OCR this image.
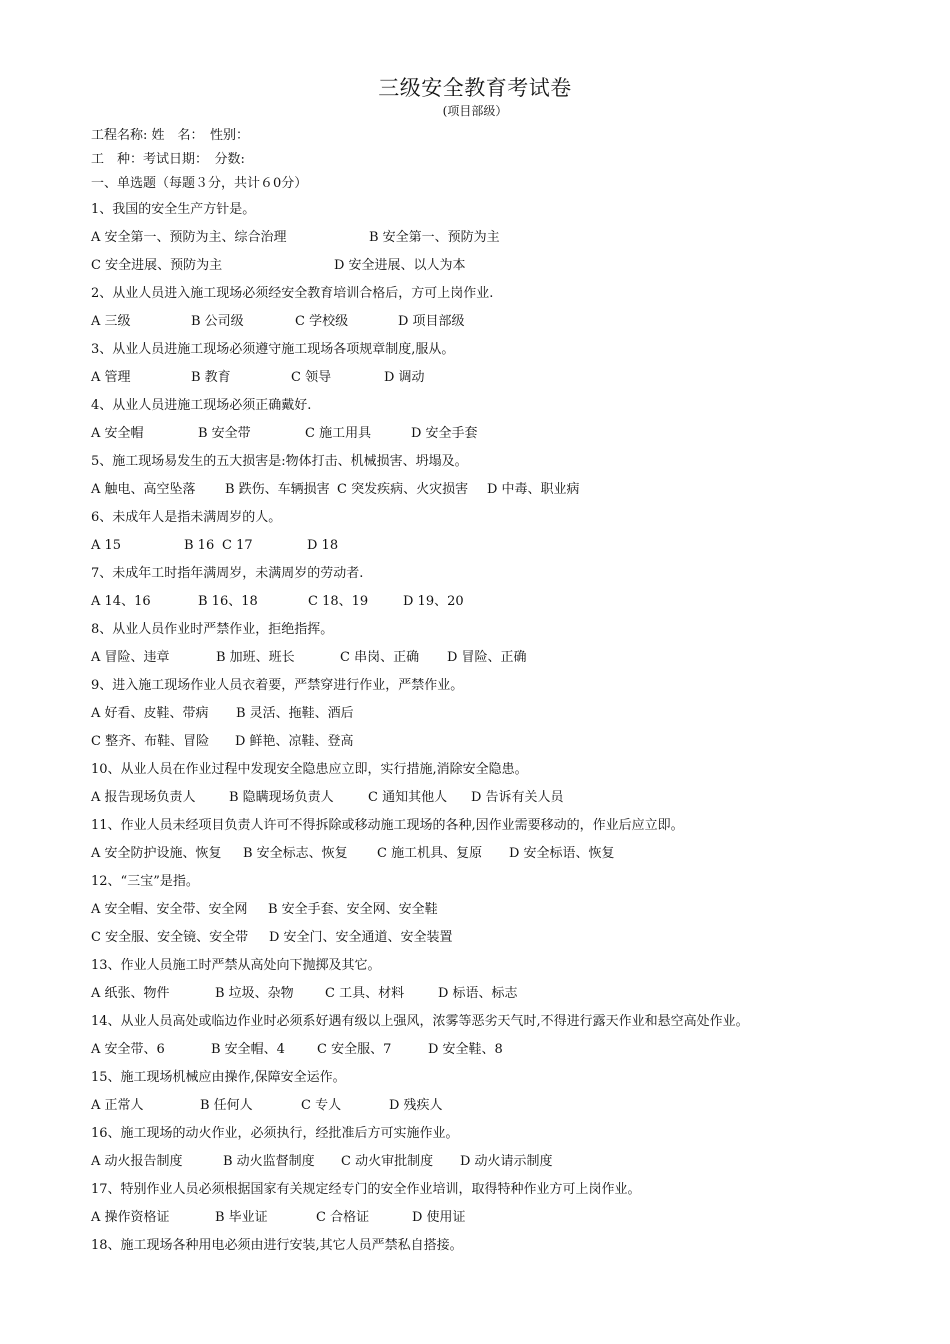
三级安全教育考试卷
(项目部级）
工程名称: 姓　名：　性别：
工　种：考试日期：　分数:
一、单选题（每题３分，共计６0分）
1、我国的安全生产方针是。
A 安全第一、预防为主、综合治理	B 安全第一、预防为主
C 安全进展、预防为主	D 安全进展、以人为本
2、从业人员进入施工现场必须经安全教育培训合格后，方可上岗作业.
A 三级	B 公司级	C 学校级	D 项目部级
3、从业人员进施工现场必须遵守施工现场各项规章制度,服从。
A 管理	B 教育	C 领导	D 调动
4、从业人员进施工现场必须正确戴好.
A 安全帽	B 安全带	C 施工用具	D 安全手套
5、施工现场易发生的五大损害是:物体打击、机械损害、坍塌及。
A 触电、高空坠落 B 跌伤、车辆损害 C 突发疾病、火灾损害 D 中毒、职业病
6、未成年人是指未满周岁的人。
A 15	B 16 C 17	D 18
7、未成年工时指年满周岁，未满周岁的劳动者.
A 14、16	B 16、18	C 18、19	D 19、20
8、从业人员作业时严禁作业，拒绝指挥。
A 冒险、违章	B 加班、班长	C 串岗、正确 D 冒险、正确
9、进入施工现场作业人员衣着要，严禁穿进行作业，严禁作业。
A 好看、皮鞋、带病 B 灵活、拖鞋、酒后
C 整齐、布鞋、冒险 D 鲜艳、凉鞋、登高
10、从业人员在作业过程中发现安全隐患应立即，实行措施,消除安全隐患。
A 报告现场负责人	B 隐瞒现场负责人	C 通知其他人 D 告诉有关人员
11、作业人员未经项目负责人许可不得拆除或移动施工现场的各种,因作业需要移动的，作业后应立即。
A 安全防护设施、恢复 B 安全标志、恢复 C 施工机具、复原 D 安全标语、恢复
12、“三宝”是指。
A 安全帽、安全带、安全网 B 安全手套、安全网、安全鞋
C 安全服、安全镜、安全带 D 安全门、安全通道、安全装置
13、作业人员施工时严禁从高处向下抛掷及其它。
A 纸张、物件	B 垃圾、杂物 C 工具、材料	D 标语、标志
14、从业人员高处或临边作业时必须系好遇有级以上强风，浓雾等恶劣天气时,不得进行露天作业和悬空高处作业。
A 安全带、6	B 安全帽、4 C 安全服、7	D 安全鞋、8
15、施工现场机械应由操作,保障安全运作。
A 正常人	B 任何人	C 专人	D 残疾人
16、施工现场的动火作业，必须执行，经批准后方可实施作业。
A 动火报告制度	B 动火监督制度 C 动火审批制度 D 动火请示制度
17、特别作业人员必须根据国家有关规定经专门的安全作业培训，取得特种作业方可上岗作业。
A 操作资格证	B 毕业证	C 合格证	D 使用证
18、施工现场各种用电必须由进行安装,其它人员严禁私自搭接。
